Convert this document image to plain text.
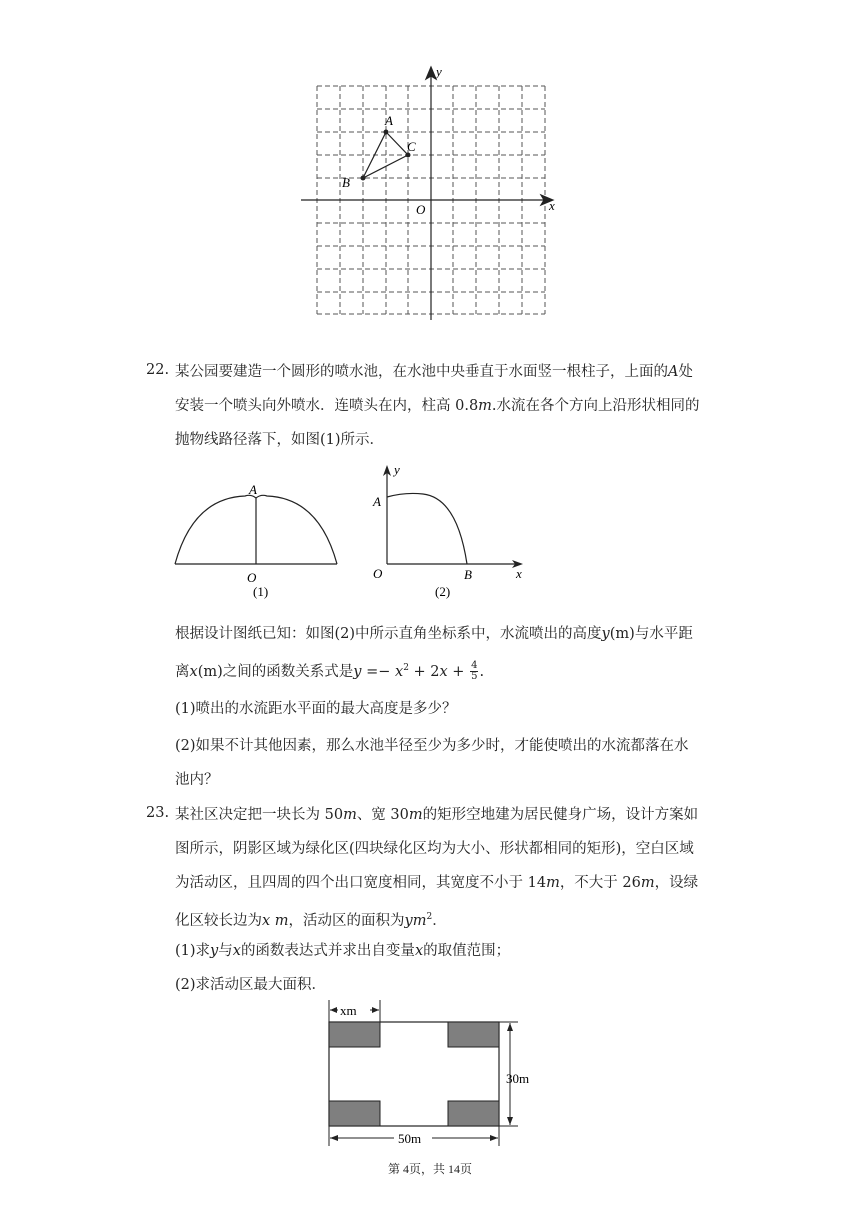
A
C
B
O	x
y
22. 某公园要建造一个圆形的喷水池，在水池中央垂直于水面竖一根柱子，上面的A处
安装一个喷头向外喷水．连喷头在内，柱高 0.8m.水流在各个方向上沿形状相同的
抛物线路径落下，如图(1)所示．
A
O
(1)
y
A
O	B	x
(2)
根据设计图纸已知：如图(2)中所示直角坐标系中，水流喷出的高度y(m)与水平距
离x(m)之间的函数关系式是$y =- x^2 + 2x + \frac{4}{5}$ .
(1)喷出的水流距水平面的最大高度是多少？
(2)如果不计其他因素，那么水池半径至少为多少时，才能使喷出的水流都落在水
池内？
23. 某社区决定把一块长为 50m、宽 30m的矩形空地建为居民健身广场，设计方案如
图所示，阴影区域为绿化区(四块绿化区均为大小、形状都相同的矩形)，空白区域
为活动区，且四周的四个出口宽度相同，其宽度不小于 14m，不大于 26m，设绿
化区较长边为x m，活动区的面积为$ym^2$．
(1)求y与x的函数表达式并求出自变量x的取值范围；
(2)求活动区最大面积．
xm
30m
50m
第 4页，共 14页
